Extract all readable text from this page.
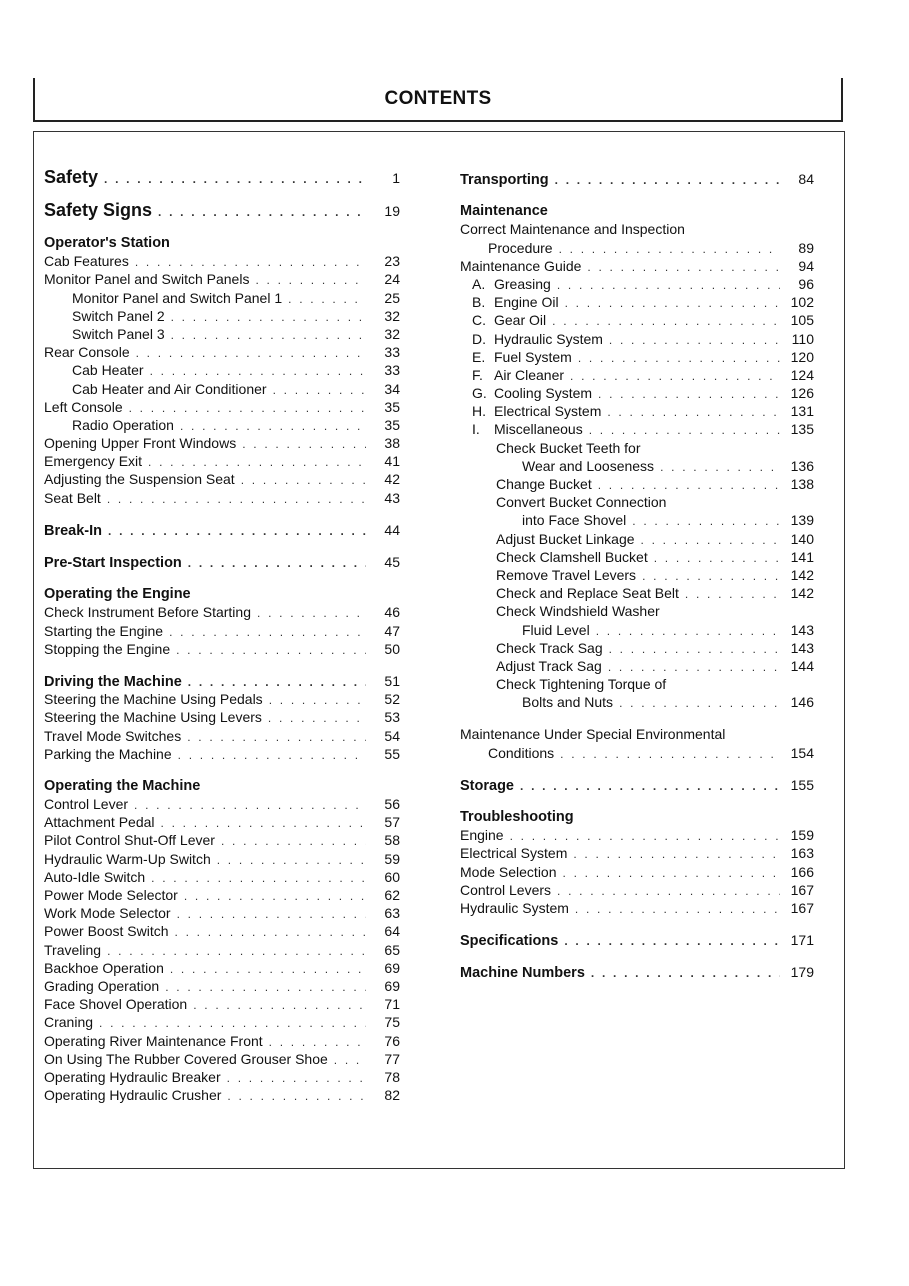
CONTENTS
Safety . . .	1
Safety Signs . . .	19
Operator's Station
Cab Features . . .	23
Monitor Panel and Switch Panels . . .	24
Monitor Panel and Switch Panel 1 . . .	25
Switch Panel 2 . . .	32
Switch Panel 3 . . .	32
Rear Console . . .	33
Cab Heater . . .	33
Cab Heater and Air Conditioner . . .	34
Left Console . . .	35
Radio Operation . . .	35
Opening Upper Front Windows . . .	38
Emergency Exit . . .	41
Adjusting the Suspension Seat . . .	42
Seat Belt . . .	43
Break-In . . .	44
Pre-Start Inspection . . .	45
Operating the Engine
Check Instrument Before Starting . . .	46
Starting the Engine . . .	47
Stopping the Engine . . .	50
Driving the Machine . . .	51
Steering the Machine Using Pedals . . .	52
Steering the Machine Using Levers . . .	53
Travel Mode Switches . . .	54
Parking the Machine . . .	55
Operating the Machine
Control Lever . . .	56
Attachment Pedal . . .	57
Pilot Control Shut-Off Lever . . .	58
Hydraulic Warm-Up Switch . . .	59
Auto-Idle Switch . . .	60
Power Mode Selector . . .	62
Work Mode Selector . . .	63
Power Boost Switch . . .	64
Traveling . . .	65
Backhoe Operation . . .	69
Grading Operation . . .	69
Face Shovel Operation . . .	71
Craning . . .	75
Operating River Maintenance Front . . .	76
On Using The Rubber Covered Grouser Shoe . . .	77
Operating Hydraulic Breaker . . .	78
Operating Hydraulic Crusher . . .	82
Transporting . . .	84
Maintenance
Correct Maintenance and Inspection
Procedure . . .	89
Maintenance Guide . . .	94
A. Greasing . . .	96
B. Engine Oil . . .	102
C. Gear Oil . . .	105
D. Hydraulic System . . .	110
E. Fuel System . . .	120
F. Air Cleaner . . .	124
G. Cooling System . . .	126
H. Electrical System . . .	131
I. Miscellaneous . . .	135
Check Bucket Teeth for
Wear and Looseness . . .	136
Change Bucket . . .	138
Convert Bucket Connection
into Face Shovel . . .	139
Adjust Bucket Linkage . . .	140
Check Clamshell Bucket . . .	141
Remove Travel Levers . . .	142
Check and Replace Seat Belt . . .	142
Check Windshield Washer
Fluid Level . . .	143
Check Track Sag . . .	143
Adjust Track Sag . . .	144
Check Tightening Torque of
Bolts and Nuts . . .	146
Maintenance Under Special Environmental
Conditions . . .	154
Storage . . .	155
Troubleshooting
Engine . . .	159
Electrical System . . .	163
Mode Selection . . .	166
Control Levers . . .	167
Hydraulic System . . .	167
Specifications . . .	171
Machine Numbers . . .	179
